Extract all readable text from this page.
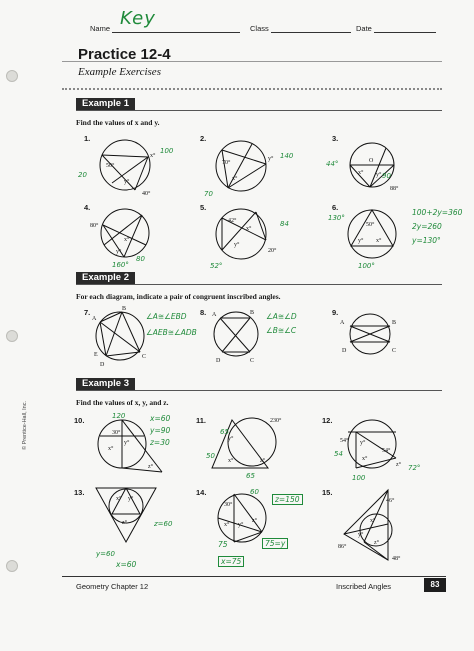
Name Key	Class	Date
Practice 12-4
Example Exercises
Example 1
Find the values of x and y.
1.
50°
40°
x°
y°
100
20
2.
70°
y°
x°
140
70
3.
O
x° y°
88°
44°
90
4.
80°
x°
y°
80
160°
5.
42°
x°
y°
20°
84
52°
6.
50°
y° x°
130°
100°
100+2y=360
2y=260
y=130°
Example 2
For each diagram, indicate a pair of congruent inscribed angles.
7.
A
B
C
D
E
∠A≅∠EBD
∠AEB≅∠ADB
8. A	B
C
D
∠A≅∠D
∠B≅∠C
9.
A	B
C
D
Example 3
Find the values of x, y, and z.
10.
30°
y°
x°
z°
120	x=60
y=90
z=30
11.	230°
y°
x°	z°
65
50
65
12.
54° y°
x°
54°
z°
54
100
72°
13.
x° y°
z°	z=60
y=60
x=60
14.
30°
x° y°
z°
60
z=150
75	75=y
x=75
15.
46°
86°
x°
y°
z°
48°
© Prentice-Hall, Inc.
Geometry Chapter 12	Inscribed Angles	83
